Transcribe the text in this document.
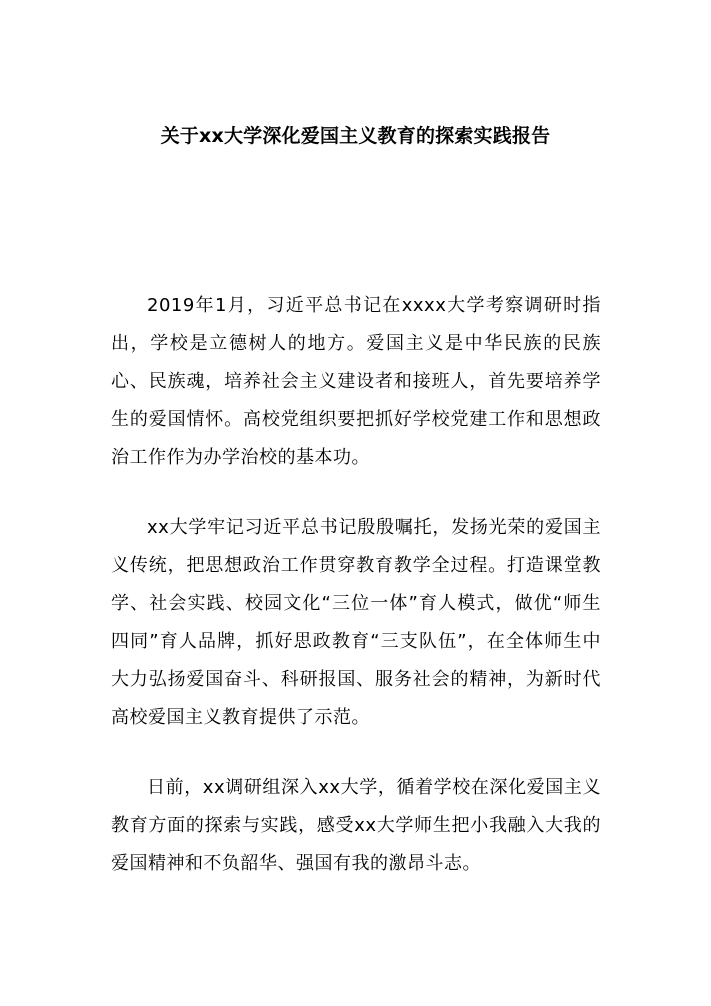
关于xx大学深化爱国主义教育的探索实践报告

2019年1月，习近平总书记在xxxx大学考察调研时指出，学校是立德树人的地方。爱国主义是中华民族的民族心、民族魂，培养社会主义建设者和接班人，首先要培养学生的爱国情怀。高校党组织要把抓好学校党建工作和思想政治工作作为办学治校的基本功。

xx大学牢记习近平总书记殷殷嘱托，发扬光荣的爱国主义传统，把思想政治工作贯穿教育教学全过程。打造课堂教学、社会实践、校园文化“三位一体”育人模式，做优“师生四同”育人品牌，抓好思政教育“三支队伍”，在全体师生中大力弘扬爱国奋斗、科研报国、服务社会的精神，为新时代高校爱国主义教育提供了示范。

日前，xx调研组深入xx大学，循着学校在深化爱国主义教育方面的探索与实践，感受xx大学师生把小我融入大我的爱国精神和不负韶华、强国有我的激昂斗志。
